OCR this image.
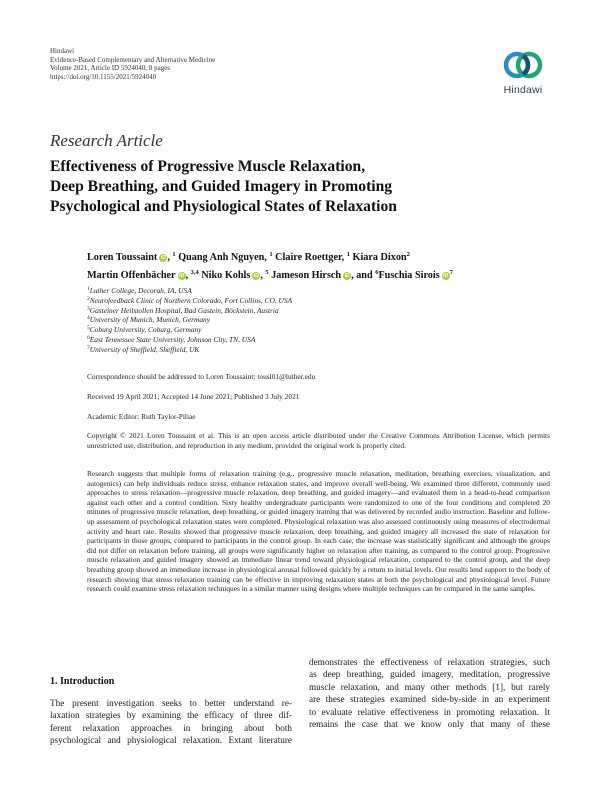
Hindawi
Evidence-Based Complementary and Alternative Medicine
Volume 2021, Article ID 5924040, 8 pages
https://doi.org/10.1155/2021/5924040
Hindawi
Research Article
Effectiveness of Progressive Muscle Relaxation,
Deep Breathing, and Guided Imagery in Promoting
Psychological and Physiological States of Relaxation
Loren Toussaint iD , $^1$ Quang Anh Nguyen, $^1$ Claire Roettger, $^1$ Kiara Dixon$^2$
Martin Offenbächer iD , $^{3,4}$ Niko Kohls iD , $^5$ Jameson Hirsch iD , and $^6$Fuschia Sirois iD $^7$
$^1$Luther College, Decorah, IA, USA
$^2$Neurofeedback Clinic of Northern Colorado, Fort Collins, CO, USA
$^3$Gasteiner Heilstollen Hospital, Bad Gastein, Böckstein, Austria
$^4$University of Munich, Munich, Germany
$^5$Coburg University, Coburg, Germany
$^6$East Tennessee State University, Johnson City, TN, USA
$^7$University of Sheffield, Sheffield, UK
Correspondence should be addressed to Loren Toussaint; tousl01@luther.edu
Received 19 April 2021; Accepted 14 June 2021; Published 3 July 2021
Academic Editor: Ruth Taylor-Piliae
Copyright © 2021 Loren Toussaint et al. This is an open access article distributed under the Creative Commons Attribution License, which permits unrestricted use, distribution, and reproduction in any medium, provided the original work is properly cited.
Research suggests that multiple forms of relaxation training (e.g., progressive muscle relaxation, meditation, breathing exercises, visualization, and autogenics) can help individuals reduce stress, enhance relaxation states, and improve overall well-being. We examined three different, commonly used approaches to stress relaxation—progressive muscle relaxation, deep breathing, and guided imagery—and evaluated them in a head-to-head comparison against each other and a control condition. Sixty healthy undergraduate participants were randomized to one of the four conditions and completed 20 minutes of progressive muscle relaxation, deep breathing, or guided imagery training that was delivered by recorded audio instruction. Baseline and follow-up assessment of psychological relaxation states were completed. Physiological relaxation was also assessed continuously using measures of electrodermal activity and heart rate. Results showed that progressive muscle relaxation, deep breathing, and guided imagery all increased the state of relaxation for participants in those groups, compared to participants in the control group. In each case, the increase was statistically significant and although the groups did not differ on relaxation before training, all groups were significantly higher on relaxation after training, as compared to the control group. Progressive muscle relaxation and guided imagery showed an immediate linear trend toward physiological relaxation, compared to the control group, and the deep breathing group showed an immediate increase in physiological arousal followed quickly by a return to initial levels. Our results lend support to the body of research showing that stress relaxation training can be effective in improving relaxation states at both the psychological and physiological level. Future research could examine stress relaxation techniques in a similar manner using designs where multiple techniques can be compared in the same samples.
1. Introduction
The present investigation seeks to better understand re-
laxation strategies by examining the efficacy of three dif-
ferent relaxation approaches in bringing about both
psychological and physiological relaxation. Extant literature
demonstrates the effectiveness of relaxation strategies, such
as deep breathing, guided imagery, meditation, progressive
muscle relaxation, and many other methods [1], but rarely
are these strategies examined side-by-side in an experiment
to evaluate relative effectiveness in promoting relaxation. It
remains the case that we know only that many of these
